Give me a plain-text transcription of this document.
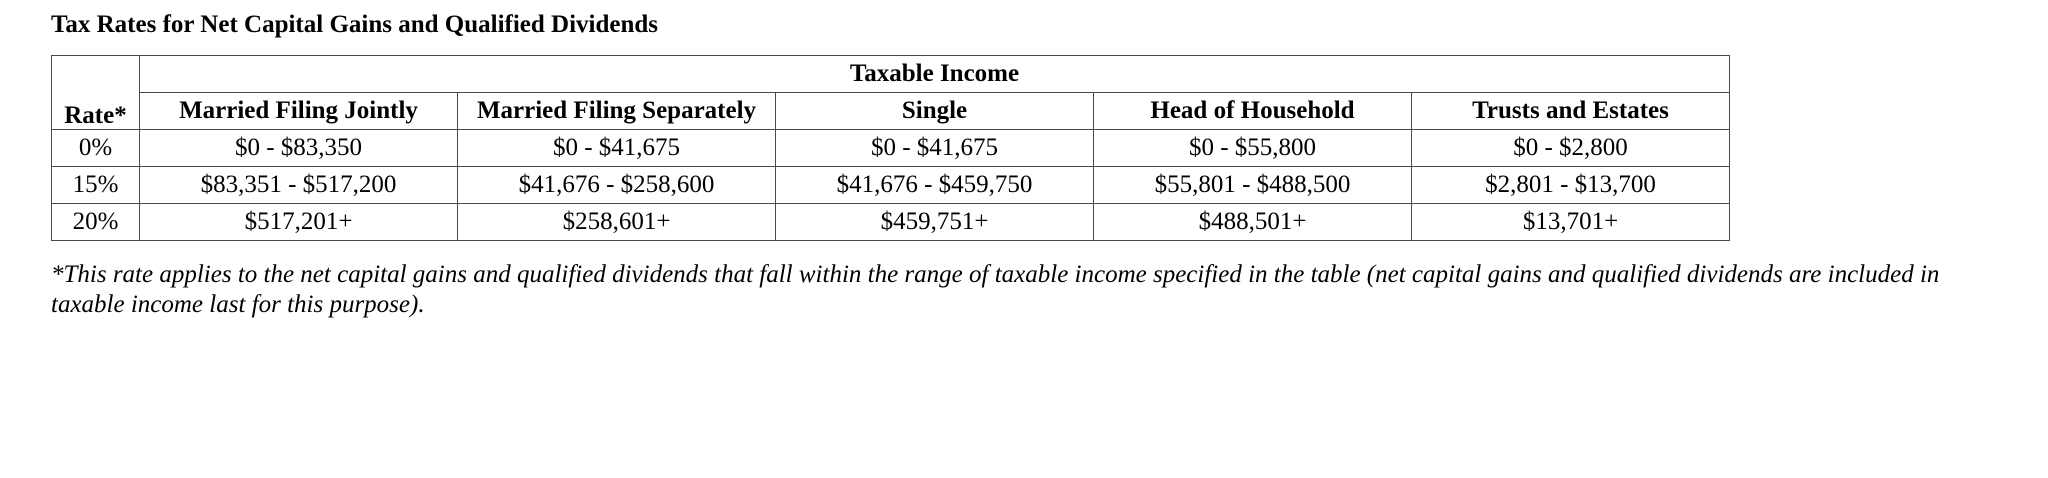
Tax Rates for Net Capital Gains and Qualified Dividends
Rate*	Taxable Income				
	Married Filing Jointly	Married Filing Separately	Single	Head of Household	Trusts and Estates
0%	$0 - $83,350	$0 - $41,675	$0 - $41,675	$0 - $55,800	$0 - $2,800
15%	$83,351 - $517,200	$41,676 - $258,600	$41,676 - $459,750	$55,801 - $488,500	$2,801 - $13,700
20%	$517,201+	$258,601+	$459,751+	$488,501+	$13,701+

*This rate applies to the net capital gains and qualified dividends that fall within the range of taxable income specified in the table (net capital gains and qualified dividends are included in taxable income last for this purpose).
